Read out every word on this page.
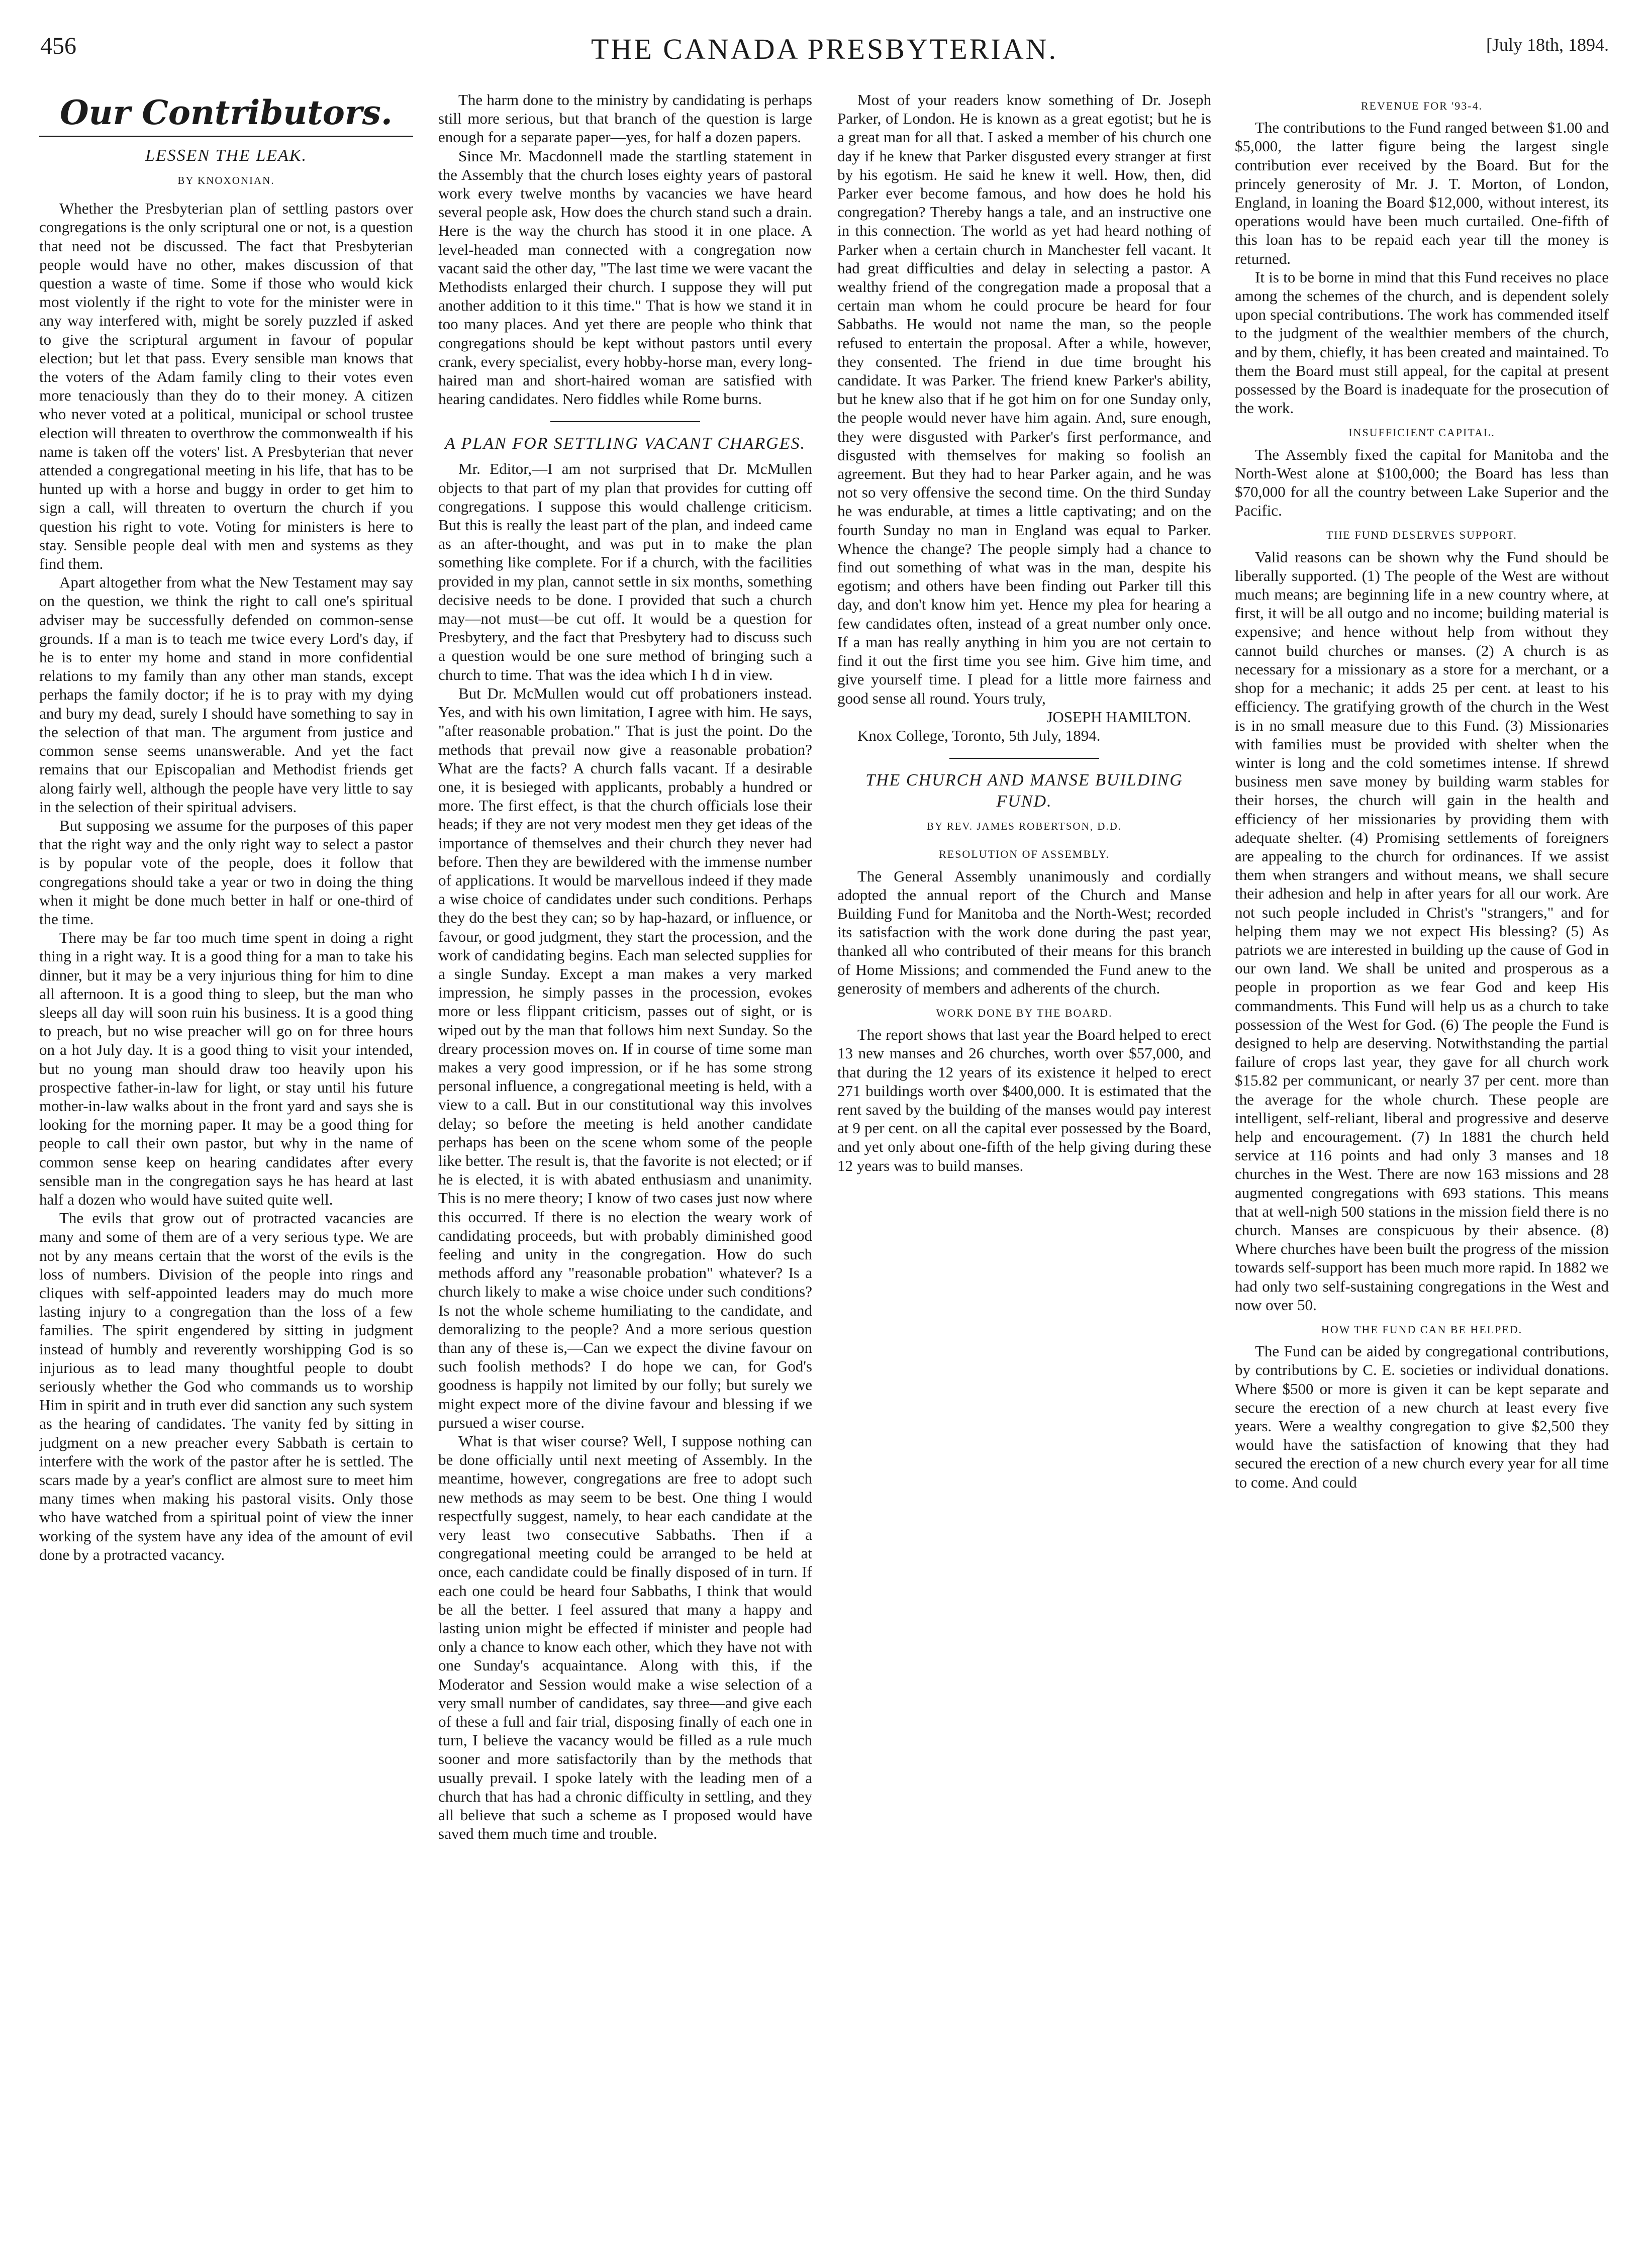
456	THE CANADA PRESBYTERIAN.	[July 18th, 1894.
Our Contributors.
LESSEN THE LEAK.
BY KNOXONIAN.

Whether the Presbyterian plan of settling pastors over congregations is the only scriptural one or not, is a question that need not be discussed. The fact that Presbyterian people would have no other, makes discussion of that question a waste of time. Some if those who would kick most violently if the right to vote for the minister were in any way interfered with, might be sorely puzzled if asked to give the scriptural argument in favour of popular election; but let that pass. Every sensible man knows that the voters of the Adam family cling to their votes even more tenaciously than they do to their money. A citizen who never voted at a political, municipal or school trustee election will threaten to overthrow the commonwealth if his name is taken off the voters' list. A Presbyterian that never attended a congregational meeting in his life, that has to be hunted up with a horse and buggy in order to get him to sign a call, will threaten to overturn the church if you question his right to vote. Voting for ministers is here to stay. Sensible people deal with men and systems as they find them.

Apart altogether from what the New Testament may say on the question, we think the right to call one's spiritual adviser may be successfully defended on common-sense grounds. If a man is to teach me twice every Lord's day, if he is to enter my home and stand in more confidential relations to my family than any other man stands, except perhaps the family doctor; if he is to pray with my dying and bury my dead, surely I should have something to say in the selection of that man. The argument from justice and common sense seems unanswerable. And yet the fact remains that our Episcopalian and Methodist friends get along fairly well, although the people have very little to say in the selection of their spiritual advisers.

But supposing we assume for the purposes of this paper that the right way and the only right way to select a pastor is by popular vote of the people, does it follow that congregations should take a year or two in doing the thing when it might be done much better in half or one-third of the time.

There may be far too much time spent in doing a right thing in a right way. It is a good thing for a man to take his dinner, but it may be a very injurious thing for him to dine all afternoon. It is a good thing to sleep, but the man who sleeps all day will soon ruin his business. It is a good thing to preach, but no wise preacher will go on for three hours on a hot July day. It is a good thing to visit your intended, but no young man should draw too heavily upon his prospective father-in-law for light, or stay until his future mother-in-law walks about in the front yard and says she is looking for the morning paper. It may be a good thing for people to call their own pastor, but why in the name of common sense keep on hearing candidates after every sensible man in the congregation says he has heard at last half a dozen who would have suited quite well.

The evils that grow out of protracted vacancies are many and some of them are of a very serious type. We are not by any means certain that the worst of the evils is the loss of numbers. Division of the people into rings and cliques with self-appointed leaders may do much more lasting injury to a congregation than the loss of a few families. The spirit engendered by sitting in judgment instead of humbly and reverently worshipping God is so injurious as to lead many thoughtful people to doubt seriously whether the God who commands us to worship Him in spirit and in truth ever did sanction any such system as the hearing of candidates. The vanity fed by sitting in judgment on a new preacher every Sabbath is certain to interfere with the work of the pastor after he is settled. The scars made by a year's conflict are almost sure to meet him many times when making his pastoral visits. Only those who have watched from a spiritual point of view the inner working of the system have any idea of the amount of evil done by a protracted vacancy.

The harm done to the ministry by candidating is perhaps still more serious, but that branch of the question is large enough for a separate paper—yes, for half a dozen papers.

Since Mr. Macdonnell made the startling statement in the Assembly that the church loses eighty years of pastoral work every twelve months by vacancies we have heard several people ask, How does the church stand such a drain. Here is the way the church has stood it in one place. A level-headed man connected with a congregation now vacant said the other day, "The last time we were vacant the Methodists enlarged their church. I suppose they will put another addition to it this time." That is how we stand it in too many places. And yet there are people who think that congregations should be kept without pastors until every crank, every specialist, every hobby-horse man, every long-haired man and short-haired woman are satisfied with hearing candidates. Nero fiddles while Rome burns.

A PLAN FOR SETTLING VACANT CHARGES.

Mr. Editor,—I am not surprised that Dr. McMullen objects to that part of my plan that provides for cutting off congregations. I suppose this would challenge criticism. But this is really the least part of the plan, and indeed came as an after-thought, and was put in to make the plan something like complete. For if a church, with the facilities provided in my plan, cannot settle in six months, something decisive needs to be done. I provided that such a church may—not must—be cut off. It would be a question for Presbytery, and the fact that Presbytery had to discuss such a question would be one sure method of bringing such a church to time. That was the idea which I h d in view.

But Dr. McMullen would cut off probationers instead. Yes, and with his own limitation, I agree with him. He says, "after reasonable probation." That is just the point. Do the methods that prevail now give a reasonable probation? What are the facts? A church falls vacant. If a desirable one, it is besieged with applicants, probably a hundred or more. The first effect, is that the church officials lose their heads; if they are not very modest men they get ideas of the importance of themselves and their church they never had before. Then they are bewildered with the immense number of applications. It would be marvellous indeed if they made a wise choice of candidates under such conditions. Perhaps they do the best they can; so by hap-hazard, or influence, or favour, or good judgment, they start the procession, and the work of candidating begins. Each man selected supplies for a single Sunday. Except a man makes a very marked impression, he simply passes in the procession, evokes more or less flippant criticism, passes out of sight, or is wiped out by the man that follows him next Sunday. So the dreary procession moves on. If in course of time some man makes a very good impression, or if he has some strong personal influence, a congregational meeting is held, with a view to a call. But in our constitutional way this involves delay; so before the meeting is held another candidate perhaps has been on the scene whom some of the people like better. The result is, that the favorite is not elected; or if he is elected, it is with abated enthusiasm and unanimity. This is no mere theory; I know of two cases just now where this occurred. If there is no election the weary work of candidating proceeds, but with probably diminished good feeling and unity in the congregation. How do such methods afford any "reasonable probation" whatever? Is a church likely to make a wise choice under such conditions? Is not the whole scheme humiliating to the candidate, and demoralizing to the people? And a more serious question than any of these is,—Can we expect the divine favour on such foolish methods? I do hope we can, for God's goodness is happily not limited by our folly; but surely we might expect more of the divine favour and blessing if we pursued a wiser course.

What is that wiser course? Well, I suppose nothing can be done officially until next meeting of Assembly. In the meantime, however, congregations are free to adopt such new methods as may seem to be best. One thing I would respectfully suggest, namely, to hear each candidate at the very least two consecutive Sabbaths. Then if a congregational meeting could be arranged to be held at once, each candidate could be finally disposed of in turn. If each one could be heard four Sabbaths, I think that would be all the better. I feel assured that many a happy and lasting union might be effected if minister and people had only a chance to know each other, which they have not with one Sunday's acquaintance. Along with this, if the Moderator and Session would make a wise selection of a very small number of candidates, say three—and give each of these a full and fair trial, disposing finally of each one in turn, I believe the vacancy would be filled as a rule much sooner and more satisfactorily than by the methods that usually prevail. I spoke lately with the leading men of a church that has had a chronic difficulty in settling, and they all believe that such a scheme as I proposed would have saved them much time and trouble.

Most of your readers know something of Dr. Joseph Parker, of London. He is known as a great egotist; but he is a great man for all that. I asked a member of his church one day if he knew that Parker disgusted every stranger at first by his egotism. He said he knew it well. How, then, did Parker ever become famous, and how does he hold his congregation? Thereby hangs a tale, and an instructive one in this connection. The world as yet had heard nothing of Parker when a certain church in Manchester fell vacant. It had great difficulties and delay in selecting a pastor. A wealthy friend of the congregation made a proposal that a certain man whom he could procure be heard for four Sabbaths. He would not name the man, so the people refused to entertain the proposal. After a while, however, they consented. The friend in due time brought his candidate. It was Parker. The friend knew Parker's ability, but he knew also that if he got him on for one Sunday only, the people would never have him again. And, sure enough, they were disgusted with Parker's first performance, and disgusted with themselves for making so foolish an agreement. But they had to hear Parker again, and he was not so very offensive the second time. On the third Sunday he was endurable, at times a little captivating; and on the fourth Sunday no man in England was equal to Parker. Whence the change? The people simply had a chance to find out something of what was in the man, despite his egotism; and others have been finding out Parker till this day, and don't know him yet. Hence my plea for hearing a few candidates often, instead of a great number only once. If a man has really anything in him you are not certain to find it out the first time you see him. Give him time, and give yourself time. I plead for a little more fairness and good sense all round. Yours truly,

JOSEPH HAMILTON.

Knox College, Toronto, 5th July, 1894.

THE CHURCH AND MANSE BUILDING FUND.
BY REV. JAMES ROBERTSON, D.D.
RESOLUTION OF ASSEMBLY.

The General Assembly unanimously and cordially adopted the annual report of the Church and Manse Building Fund for Manitoba and the North-West; recorded its satisfaction with the work done during the past year, thanked all who contributed of their means for this branch of Home Missions; and commended the Fund anew to the generosity of members and adherents of the church.

WORK DONE BY THE BOARD.

The report shows that last year the Board helped to erect 13 new manses and 26 churches, worth over $57,000, and that during the 12 years of its existence it helped to erect 271 buildings worth over $400,000. It is estimated that the rent saved by the building of the manses would pay interest at 9 per cent. on all the capital ever possessed by the Board, and yet only about one-fifth of the help giving during these 12 years was to build manses.

REVENUE FOR '93-4.

The contributions to the Fund ranged between $1.00 and $5,000, the latter figure being the largest single contribution ever received by the Board. But for the princely generosity of Mr. J. T. Morton, of London, England, in loaning the Board $12,000, without interest, its operations would have been much curtailed. One-fifth of this loan has to be repaid each year till the money is returned.

It is to be borne in mind that this Fund receives no place among the schemes of the church, and is dependent solely upon special contributions. The work has commended itself to the judgment of the wealthier members of the church, and by them, chiefly, it has been created and maintained. To them the Board must still appeal, for the capital at present possessed by the Board is inadequate for the prosecution of the work.

INSUFFICIENT CAPITAL.

The Assembly fixed the capital for Manitoba and the North-West alone at $100,000; the Board has less than $70,000 for all the country between Lake Superior and the Pacific.

THE FUND DESERVES SUPPORT.

Valid reasons can be shown why the Fund should be liberally supported. (1) The people of the West are without much means; are beginning life in a new country where, at first, it will be all outgo and no income; building material is expensive; and hence without help from without they cannot build churches or manses. (2) A church is as necessary for a missionary as a store for a merchant, or a shop for a mechanic; it adds 25 per cent. at least to his efficiency. The gratifying growth of the church in the West is in no small measure due to this Fund. (3) Missionaries with families must be provided with shelter when the winter is long and the cold sometimes intense. If shrewd business men save money by building warm stables for their horses, the church will gain in the health and efficiency of her missionaries by providing them with adequate shelter. (4) Promising settlements of foreigners are appealing to the church for ordinances. If we assist them when strangers and without means, we shall secure their adhesion and help in after years for all our work. Are not such people included in Christ's "strangers," and for helping them may we not expect His blessing? (5) As patriots we are interested in building up the cause of God in our own land. We shall be united and prosperous as a people in proportion as we fear God and keep His commandments. This Fund will help us as a church to take possession of the West for God. (6) The people the Fund is designed to help are deserving. Notwithstanding the partial failure of crops last year, they gave for all church work $15.82 per communicant, or nearly 37 per cent. more than the average for the whole church. These people are intelligent, self-reliant, liberal and progressive and deserve help and encouragement. (7) In 1881 the church held service at 116 points and had only 3 manses and 18 churches in the West. There are now 163 missions and 28 augmented congregations with 693 stations. This means that at well-nigh 500 stations in the mission field there is no church. Manses are conspicuous by their absence. (8) Where churches have been built the progress of the mission towards self-support has been much more rapid. In 1882 we had only two self-sustaining congregations in the West and now over 50.

HOW THE FUND CAN BE HELPED.

The Fund can be aided by congregational contributions, by contributions by C. E. societies or individual donations. Where $500 or more is given it can be kept separate and secure the erection of a new church at least every five years. Were a wealthy congregation to give $2,500 they would have the satisfaction of knowing that they had secured the erection of a new church every year for all time to come. And could
